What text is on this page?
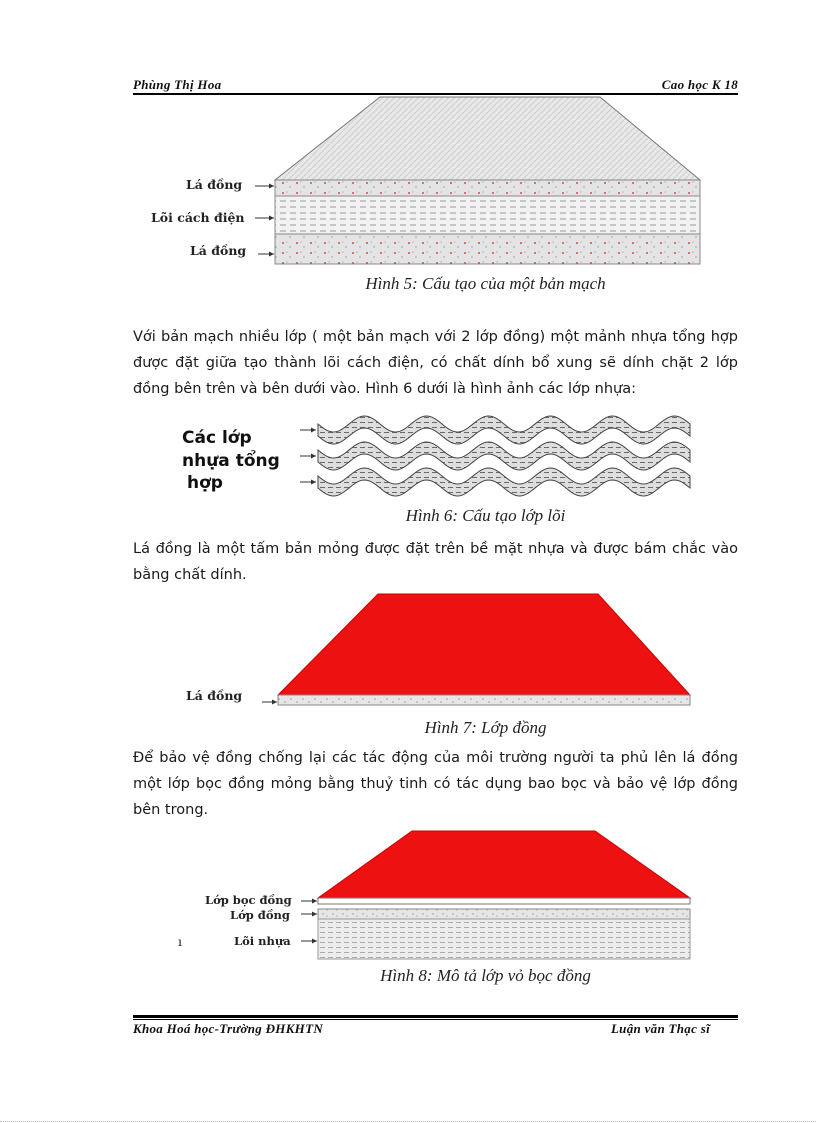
Phùng Thị Hoa	Cao học K 18
Lá đồng
Lõi cách điện
Lá đồng
Hình 5: Cấu tạo của một bản mạch
Với bản mạch nhiều lớp ( một bản mạch với 2 lớp đồng) một mảnh nhựa tổng hợp được đặt giữa tạo thành lõi cách điện, có chất dính bổ xung sẽ dính chặt 2 lớp đồng bên trên và bên dưới vào. Hình 6 dưới là hình ảnh các lớp nhựa:
Các lớp
nhựa tổng
hợp
Hình 6: Cấu tạo lớp lõi
Lá đồng là một tấm bản mỏng được đặt trên bề mặt nhựa và được bám chắc vào bằng chất dính.
Lá đồng
Hình 7: Lớp đồng
Để bảo vệ đồng chống lại các tác động của môi trường người ta phủ lên lá đồng một lớp bọc đồng mỏng bằng thuỷ tinh có tác dụng bao bọc và bảo vệ lớp đồng bên trong.
Lớp bọc đồng
Lớp đồng
Lõi nhựa
ı
Hình 8: Mô tả lớp vỏ bọc đồng
Khoa Hoá học-Trường ĐHKHTN	Luận văn Thạc sĩ
